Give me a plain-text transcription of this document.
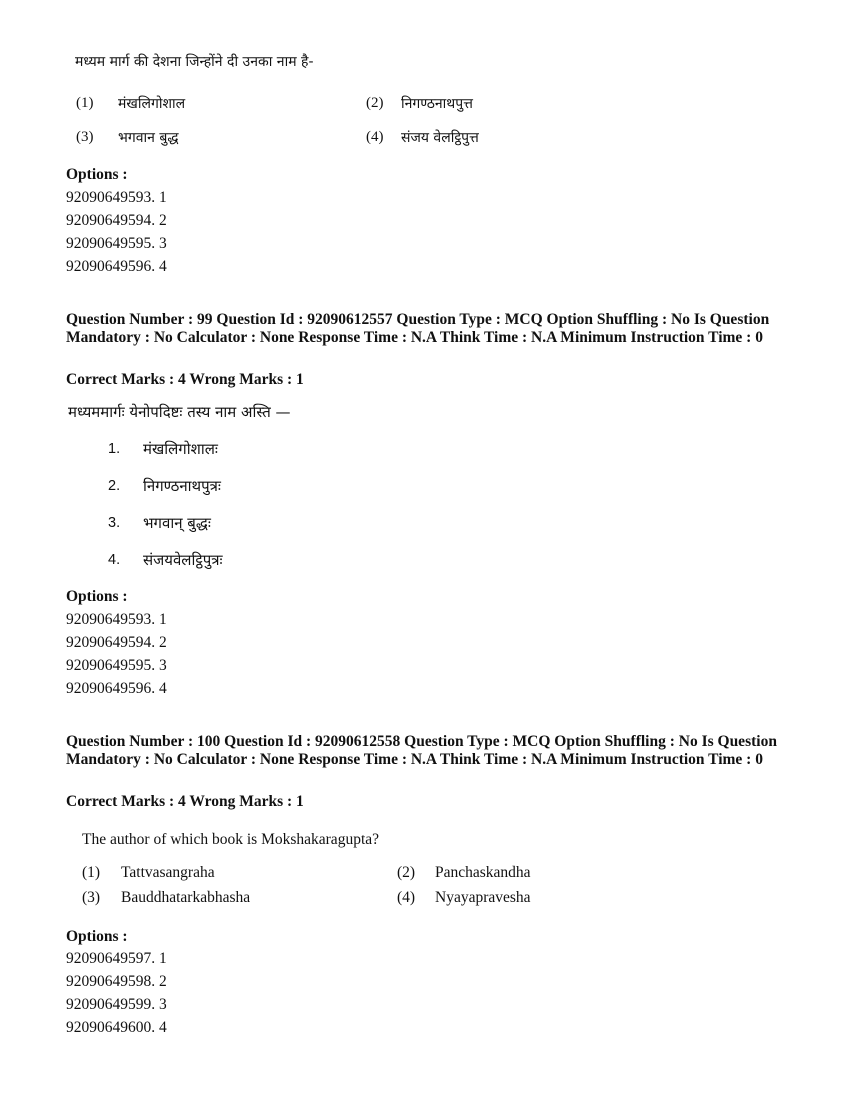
मध्यम मार्ग की देशना जिन्होंने दी उनका नाम है-
(1) मंखलिगोशाल	(2) निगण्ठनाथपुत्त
(3) भगवान बुद्ध	(4) संजय वेलट्ठिपुत्त
Options :
92090649593. 1
92090649594. 2
92090649595. 3
92090649596. 4
Question Number : 99 Question Id : 92090612557 Question Type : MCQ Option Shuffling : No Is Question Mandatory : No Calculator : None Response Time : N.A Think Time : N.A Minimum Instruction Time : 0
Correct Marks : 4 Wrong Marks : 1
मध्यममार्गः येनोपदिष्टः तस्य नाम अस्ति —
1. मंखलिगोशालः
2. निगण्ठनाथपुत्रः
3. भगवान् बुद्धः
4. संजयवेलट्ठिपुत्रः
Options :
92090649593. 1
92090649594. 2
92090649595. 3
92090649596. 4
Question Number : 100 Question Id : 92090612558 Question Type : MCQ Option Shuffling : No Is Question Mandatory : No Calculator : None Response Time : N.A Think Time : N.A Minimum Instruction Time : 0
Correct Marks : 4 Wrong Marks : 1
The author of which book is Mokshakaragupta?
(1) Tattvasangraha	(2) Panchaskandha
(3) Bauddhatarkabhasha	(4) Nyayapravesha
Options :
92090649597. 1
92090649598. 2
92090649599. 3
92090649600. 4
